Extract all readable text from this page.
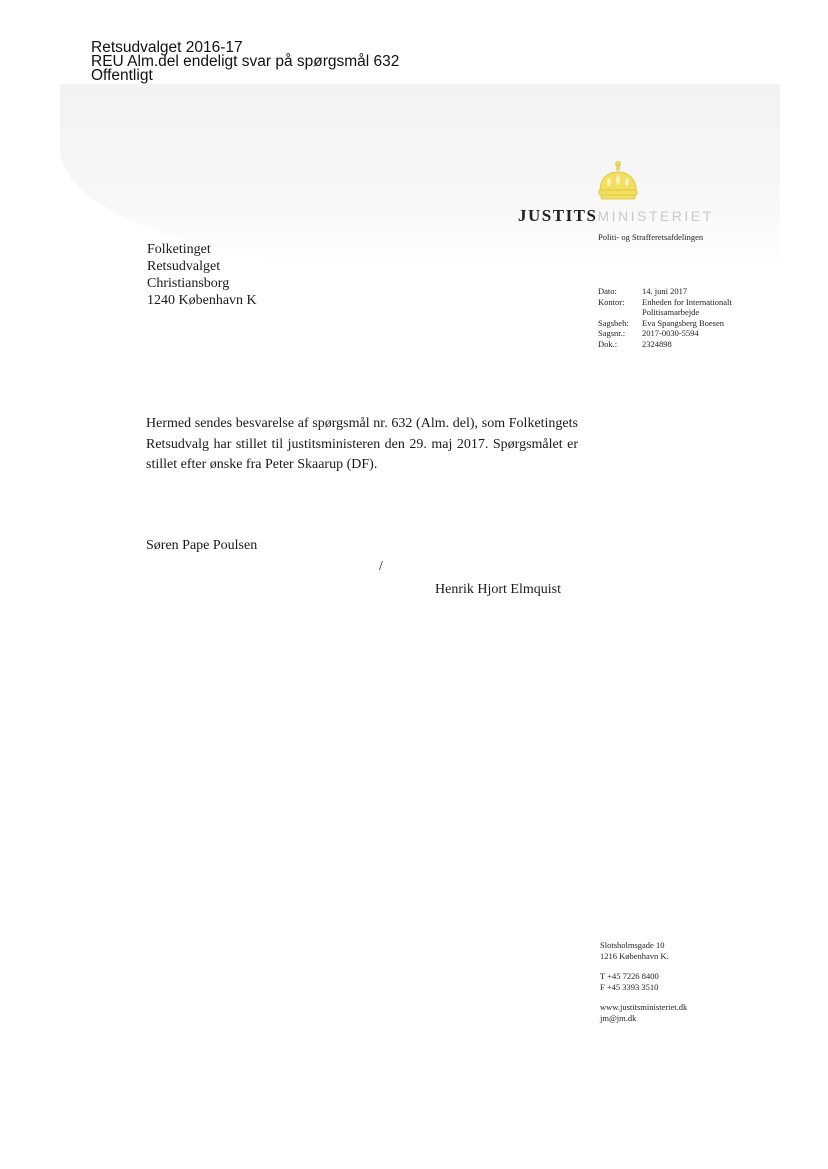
Retsudvalget 2016-17
REU Alm.del endeligt svar på spørgsmål 632
Offentligt
JUSTITSMINISTERIET
Politi- og Strafferetsafdelingen
Folketinget
Retsudvalget
Christiansborg
1240 København K
Dato:	14. juni 2017
Kontor:	Enheden for Internationalt
Politisamarbejde
Sagsbeh:	Eva Spangsberg Boesen
Sagsnr.:	2017-0030-5594
Dok.:	2324898
Hermed sendes besvarelse af spørgsmål nr. 632 (Alm. del), som Folketingets Retsudvalg har stillet til justitsministeren den 29. maj 2017. Spørgsmålet er stillet efter ønske fra Peter Skaarup (DF).
Søren Pape Poulsen
/
Henrik Hjort Elmquist
Slotsholmsgade 10
1216 København K.
T +45 7226 8400
F +45 3393 3510
www.justitsministeriet.dk
jm@jm.dk
